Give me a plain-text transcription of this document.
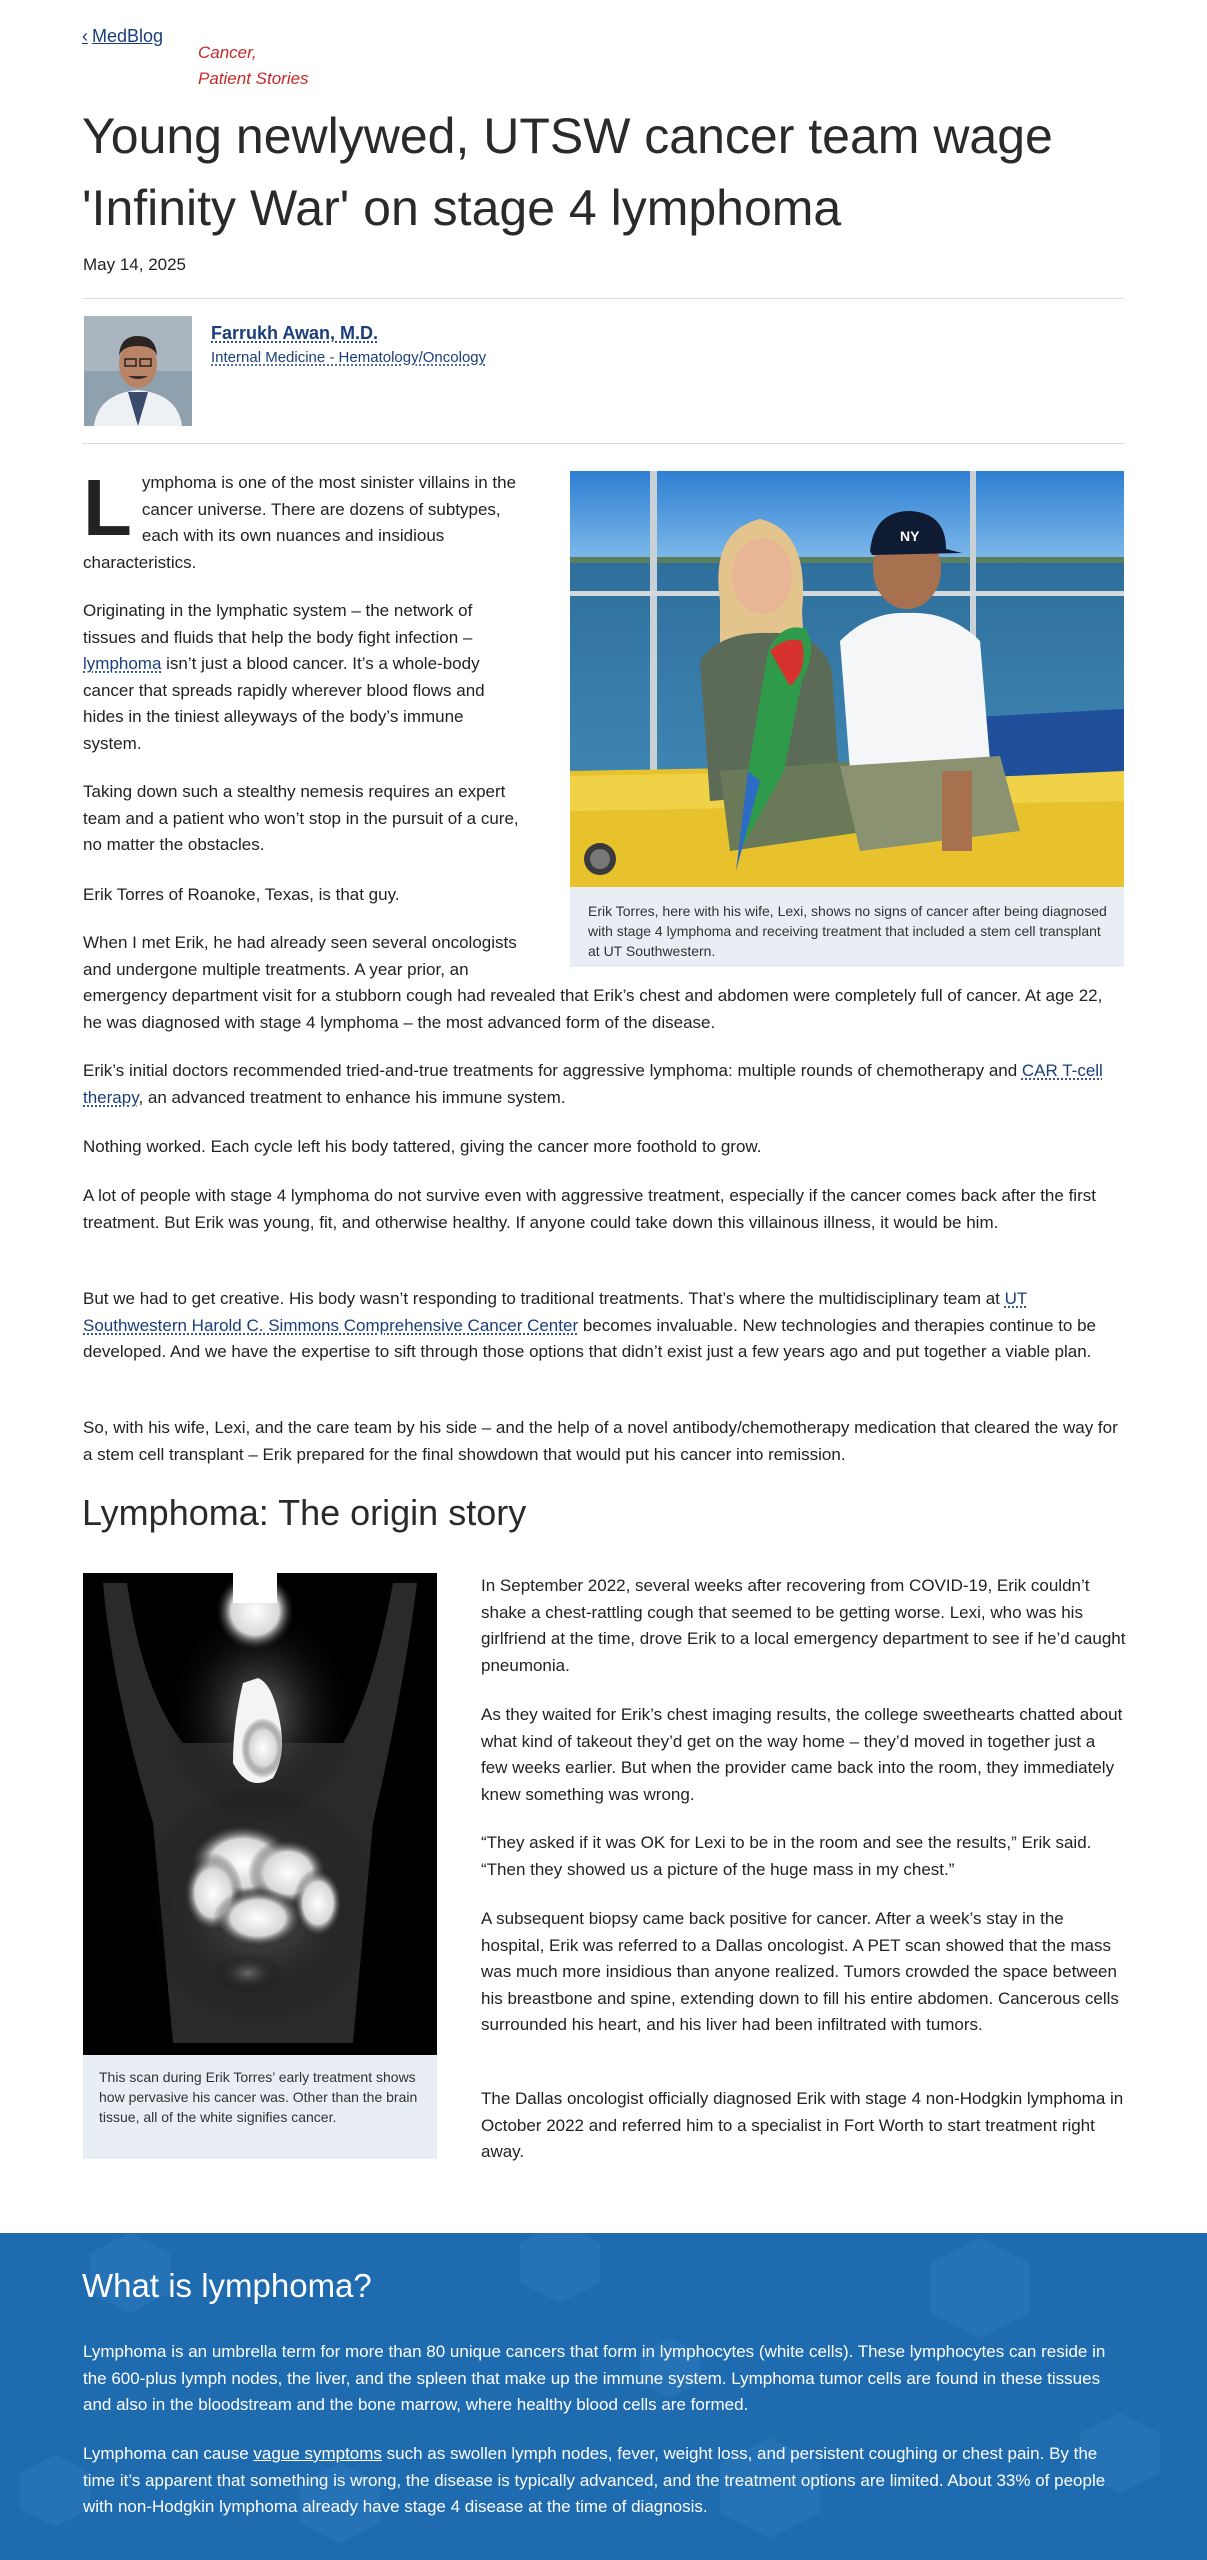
‹ MedBlog
Cancer,
Patient Stories
Young newlywed, UTSW cancer team wage 'Infinity War' on stage 4 lymphoma
May 14, 2025
Farrukh Awan, M.D.
Internal Medicine - Hematology/Oncology

Lymphoma is one of the most sinister villains in the cancer universe. There are dozens of subtypes, each with its own nuances and insidious characteristics.

Originating in the lymphatic system – the network of tissues and fluids that help the body fight infection – lymphoma isn’t just a blood cancer. It’s a whole-body cancer that spreads rapidly wherever blood flows and hides in the tiniest alleyways of the body’s immune system.

Taking down such a stealthy nemesis requires an expert team and a patient who won’t stop in the pursuit of a cure, no matter the obstacles.

Erik Torres of Roanoke, Texas, is that guy.

When I met Erik, he had already seen several oncologists and undergone multiple treatments. A year prior, an emergency department visit for a stubborn cough had revealed that Erik’s chest and abdomen were completely full of cancer. At age 22, he was diagnosed with stage 4 lymphoma – the most advanced form of the disease.

NY
Erik Torres, here with his wife, Lexi, shows no signs of cancer after being diagnosed with stage 4 lymphoma and receiving treatment that included a stem cell transplant at UT Southwestern.

Erik’s initial doctors recommended tried-and-true treatments for aggressive lymphoma: multiple rounds of chemotherapy and CAR T-cell therapy, an advanced treatment to enhance his immune system.

Nothing worked. Each cycle left his body tattered, giving the cancer more foothold to grow.

A lot of people with stage 4 lymphoma do not survive even with aggressive treatment, especially if the cancer comes back after the first treatment. But Erik was young, fit, and otherwise healthy. If anyone could take down this villainous illness, it would be him.

But we had to get creative. His body wasn’t responding to traditional treatments. That’s where the multidisciplinary team at UT Southwestern Harold C. Simmons Comprehensive Cancer Center becomes invaluable. New technologies and therapies continue to be developed. And we have the expertise to sift through those options that didn’t exist just a few years ago and put together a viable plan.

So, with his wife, Lexi, and the care team by his side – and the help of a novel antibody/chemotherapy medication that cleared the way for a stem cell transplant – Erik prepared for the final showdown that would put his cancer into remission.

Lymphoma: The origin story
This scan during Erik Torres’ early treatment shows how pervasive his cancer was. Other than the brain tissue, all of the white signifies cancer.

In September 2022, several weeks after recovering from COVID-19, Erik couldn’t shake a chest-rattling cough that seemed to be getting worse. Lexi, who was his girlfriend at the time, drove Erik to a local emergency department to see if he’d caught pneumonia.

As they waited for Erik’s chest imaging results, the college sweethearts chatted about what kind of takeout they’d get on the way home – they’d moved in together just a few weeks earlier. But when the provider came back into the room, they immediately knew something was wrong.

“They asked if it was OK for Lexi to be in the room and see the results,” Erik said. “Then they showed us a picture of the huge mass in my chest.”

A subsequent biopsy came back positive for cancer. After a week’s stay in the hospital, Erik was referred to a Dallas oncologist. A PET scan showed that the mass was much more insidious than anyone realized. Tumors crowded the space between his breastbone and spine, extending down to fill his entire abdomen. Cancerous cells surrounded his heart, and his liver had been infiltrated with tumors.

The Dallas oncologist officially diagnosed Erik with stage 4 non-Hodgkin lymphoma in October 2022 and referred him to a specialist in Fort Worth to start treatment right away.

What is lymphoma?

Lymphoma is an umbrella term for more than 80 unique cancers that form in lymphocytes (white cells). These lymphocytes can reside in the 600-plus lymph nodes, the liver, and the spleen that make up the immune system. Lymphoma tumor cells are found in these tissues and also in the bloodstream and the bone marrow, where healthy blood cells are formed.

Lymphoma can cause vague symptoms such as swollen lymph nodes, fever, weight loss, and persistent coughing or chest pain. By the time it’s apparent that something is wrong, the disease is typically advanced, and the treatment options are limited. About 33% of people with non-Hodgkin lymphoma already have stage 4 disease at the time of diagnosis.
